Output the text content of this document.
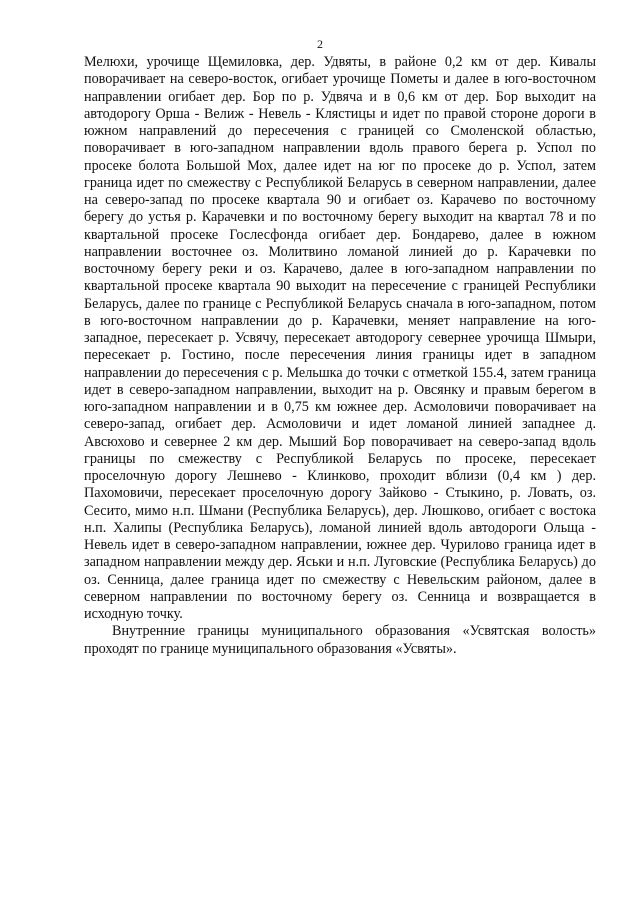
2

Мелюхи, урочище Щемиловка, дер. Удвяты, в районе 0,2 км от дер. Кивалы поворачивает на северо-восток, огибает урочище Пометы и далее в юго-восточном направлении огибает дер. Бор по р. Удвяча и в 0,6 км от дер. Бор выходит на автодорогу Орша - Велиж - Невель - Клястицы и идет по правой стороне дороги в южном направлений до пересечения с границей со Смоленской областью, поворачивает в юго-западном направлении вдоль правого берега р. Успол по просеке болота Большой Мох, далее идет на юг по просеке до р. Успол, затем граница идет по смежеству с Республикой Беларусь в северном направлении, далее на северо-запад по просеке квартала 90 и огибает оз. Карачево по восточному берегу до устья р. Карачевки и по восточному берегу выходит на квартал 78 и по квартальной просеке Гослесфонда огибает дер. Бондарево, далее в южном направлении восточнее оз. Молитвино ломаной линией до р. Карачевки по восточному берегу реки и оз. Карачево, далее в юго-западном направлении по квартальной просеке квартала 90 выходит на пересечение с границей Республики Беларусь, далее по границе с Республикой Беларусь сначала в юго-западном, потом в юго-восточном направлении до р. Карачевки, меняет направление на юго-западное, пересекает р. Усвячу, пересекает автодорогу севернее урочища Шмыри, пересекает р. Гостино, после пересечения линия границы идет в западном направлении до пересечения с р. Мельшка до точки с отметкой 155.4, затем граница идет в северо-западном направлении, выходит на р. Овсянку и правым берегом в юго-западном направлении и в 0,75 км южнее дер. Асмоловичи поворачивает на северо-запад, огибает дер. Асмоловичи и идет ломаной линией западнее д. Авсюхово и севернее 2 км дер. Мыший Бор поворачивает на северо-запад вдоль границы по смежеству с Республикой Беларусь по просеке, пересекает проселочную дорогу Лешнево - Клинково, проходит вблизи (0,4 км ) дер. Пахомовичи, пересекает проселочную дорогу Зайково - Стыкино, р. Ловать, оз. Сесито, мимо н.п. Шмани (Республика Беларусь), дер. Люшково, огибает с востока н.п. Халипы (Республика Беларусь), ломаной линией вдоль автодороги Ольща - Невель идет в северо-западном направлении, южнее дер. Чурилово граница идет в западном направлении между дер. Яськи и н.п. Луговские (Республика Беларусь) до оз. Сенница, далее граница идет по смежеству с Невельским районом, далее в северном направлении по восточному берегу оз. Сенница и возвращается в исходную точку.

Внутренние границы муниципального образования «Усвятская волость» проходят по границе муниципального образования «Усвяты».
